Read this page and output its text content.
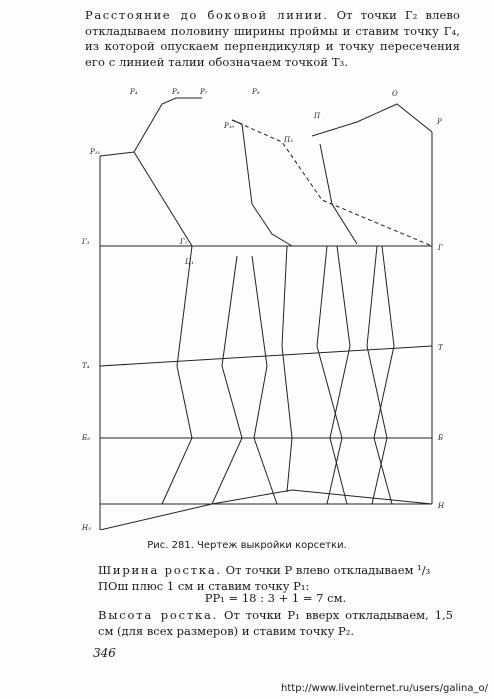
Расстояние до боковой линии. От точки Г₂ влево откладываем половину ширины проймы и ставим точку Г₄, из которой опускаем перпендикуляр и точку пересечения его с линией талии обозначаем точкой Т₃.
P₁₁
P₄	P₆	P₇	P₈
P₁₀
П₃
П
O
P
Г₃	Г₇
Ц₁
Г
Т₄
Т
Б₃	Б
Н₅
Н
Рис. 281. Чертеж выкройки корсетки.
Ширина ростка. От точки Р влево откладываем ¹/₃ ПОш плюс 1 см и ставим точку Р₁:
РР₁ = 18 : 3 + 1 = 7 см.
Высота ростка. От точки Р₁ вверх откладываем, 1,5 см (для всех размеров) и ставим точку Р₂.
346
http://www.liveinternet.ru/users/galina_o/
